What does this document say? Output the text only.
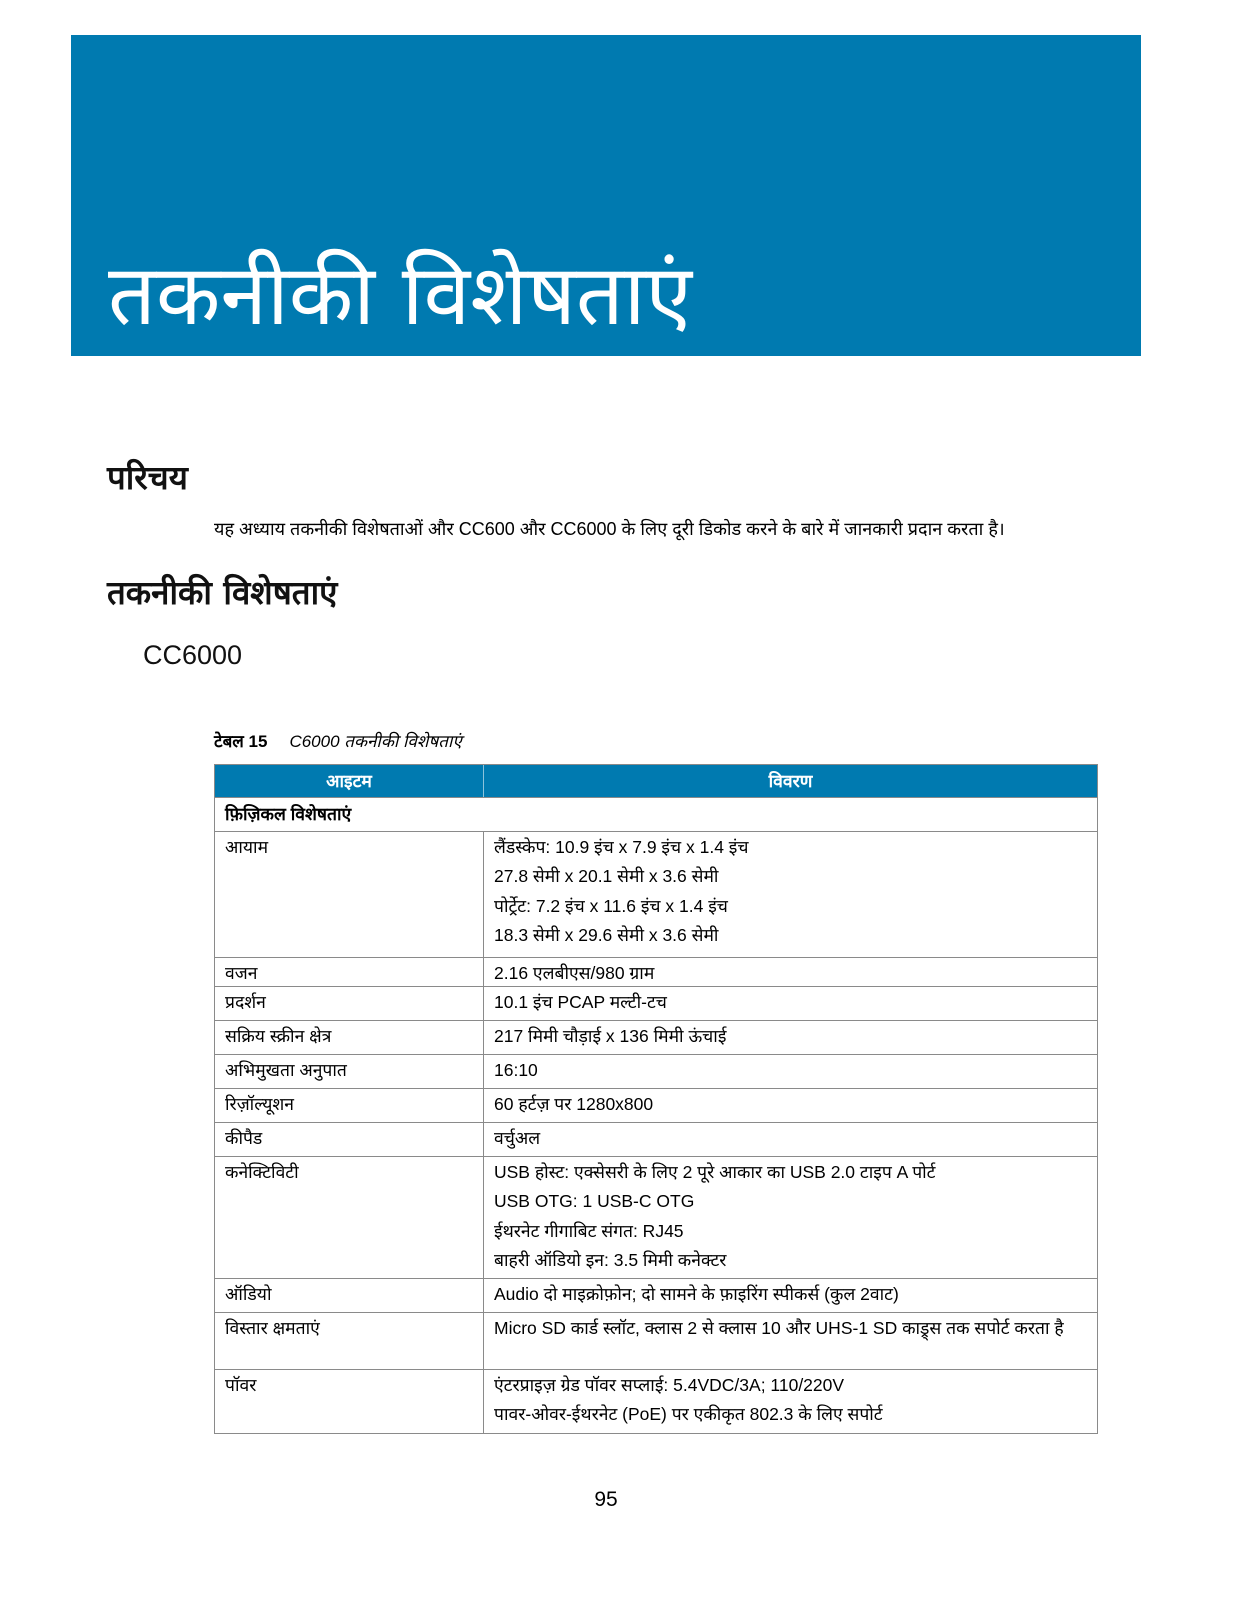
तकनीकी विशेषताएं
परिचय
यह अध्याय तकनीकी विशेषताओं और CC600 और CC6000 के लिए दूरी डिकोड करने के बारे में जानकारी प्रदान करता है।
तकनीकी विशेषताएं
CC6000
टेबल 15 C6000 तकनीकी विशेषताएं
आइटम	विवरण
फ़िज़िकल विशेषताएं
आयाम	लैंडस्केप: 10.9 इंच x 7.9 इंच x 1.4 इंच
27.8 सेमी x 20.1 सेमी x 3.6 सेमी
पोर्ट्रेट: 7.2 इंच x 11.6 इंच x 1.4 इंच
18.3 सेमी x 29.6 सेमी x 3.6 सेमी
वजन	2.16 एलबीएस/980 ग्राम
प्रदर्शन	10.1 इंच PCAP मल्टी-टच
सक्रिय स्क्रीन क्षेत्र	217 मिमी चौड़ाई x 136 मिमी ऊंचाई
अभिमुखता अनुपात	16:10
रिज़ॉल्यूशन	60 हर्टज़ पर 1280x800
कीपैड	वर्चुअल
कनेक्टिविटी	USB होस्ट: एक्सेसरी के लिए 2 पूरे आकार का USB 2.0 टाइप A पोर्ट
USB OTG: 1 USB-C OTG
ईथरनेट गीगाबिट संगत: RJ45
बाहरी ऑडियो इन: 3.5 मिमी कनेक्टर
ऑडियो	Audio दो माइक्रोफ़ोन; दो सामने के फ़ाइरिंग स्पीकर्स (कुल 2वाट)
विस्तार क्षमताएं	Micro SD कार्ड स्लॉट, क्लास 2 से क्लास 10 और UHS-1 SD काड्र्स तक सपोर्ट करता है
पॉवर	एंटरप्राइज़ ग्रेड पॉवर सप्लाई: 5.4VDC/3A; 110/220V
पावर-ओवर-ईथरनेट (PoE) पर एकीकृत 802.3 के लिए सपोर्ट
95
